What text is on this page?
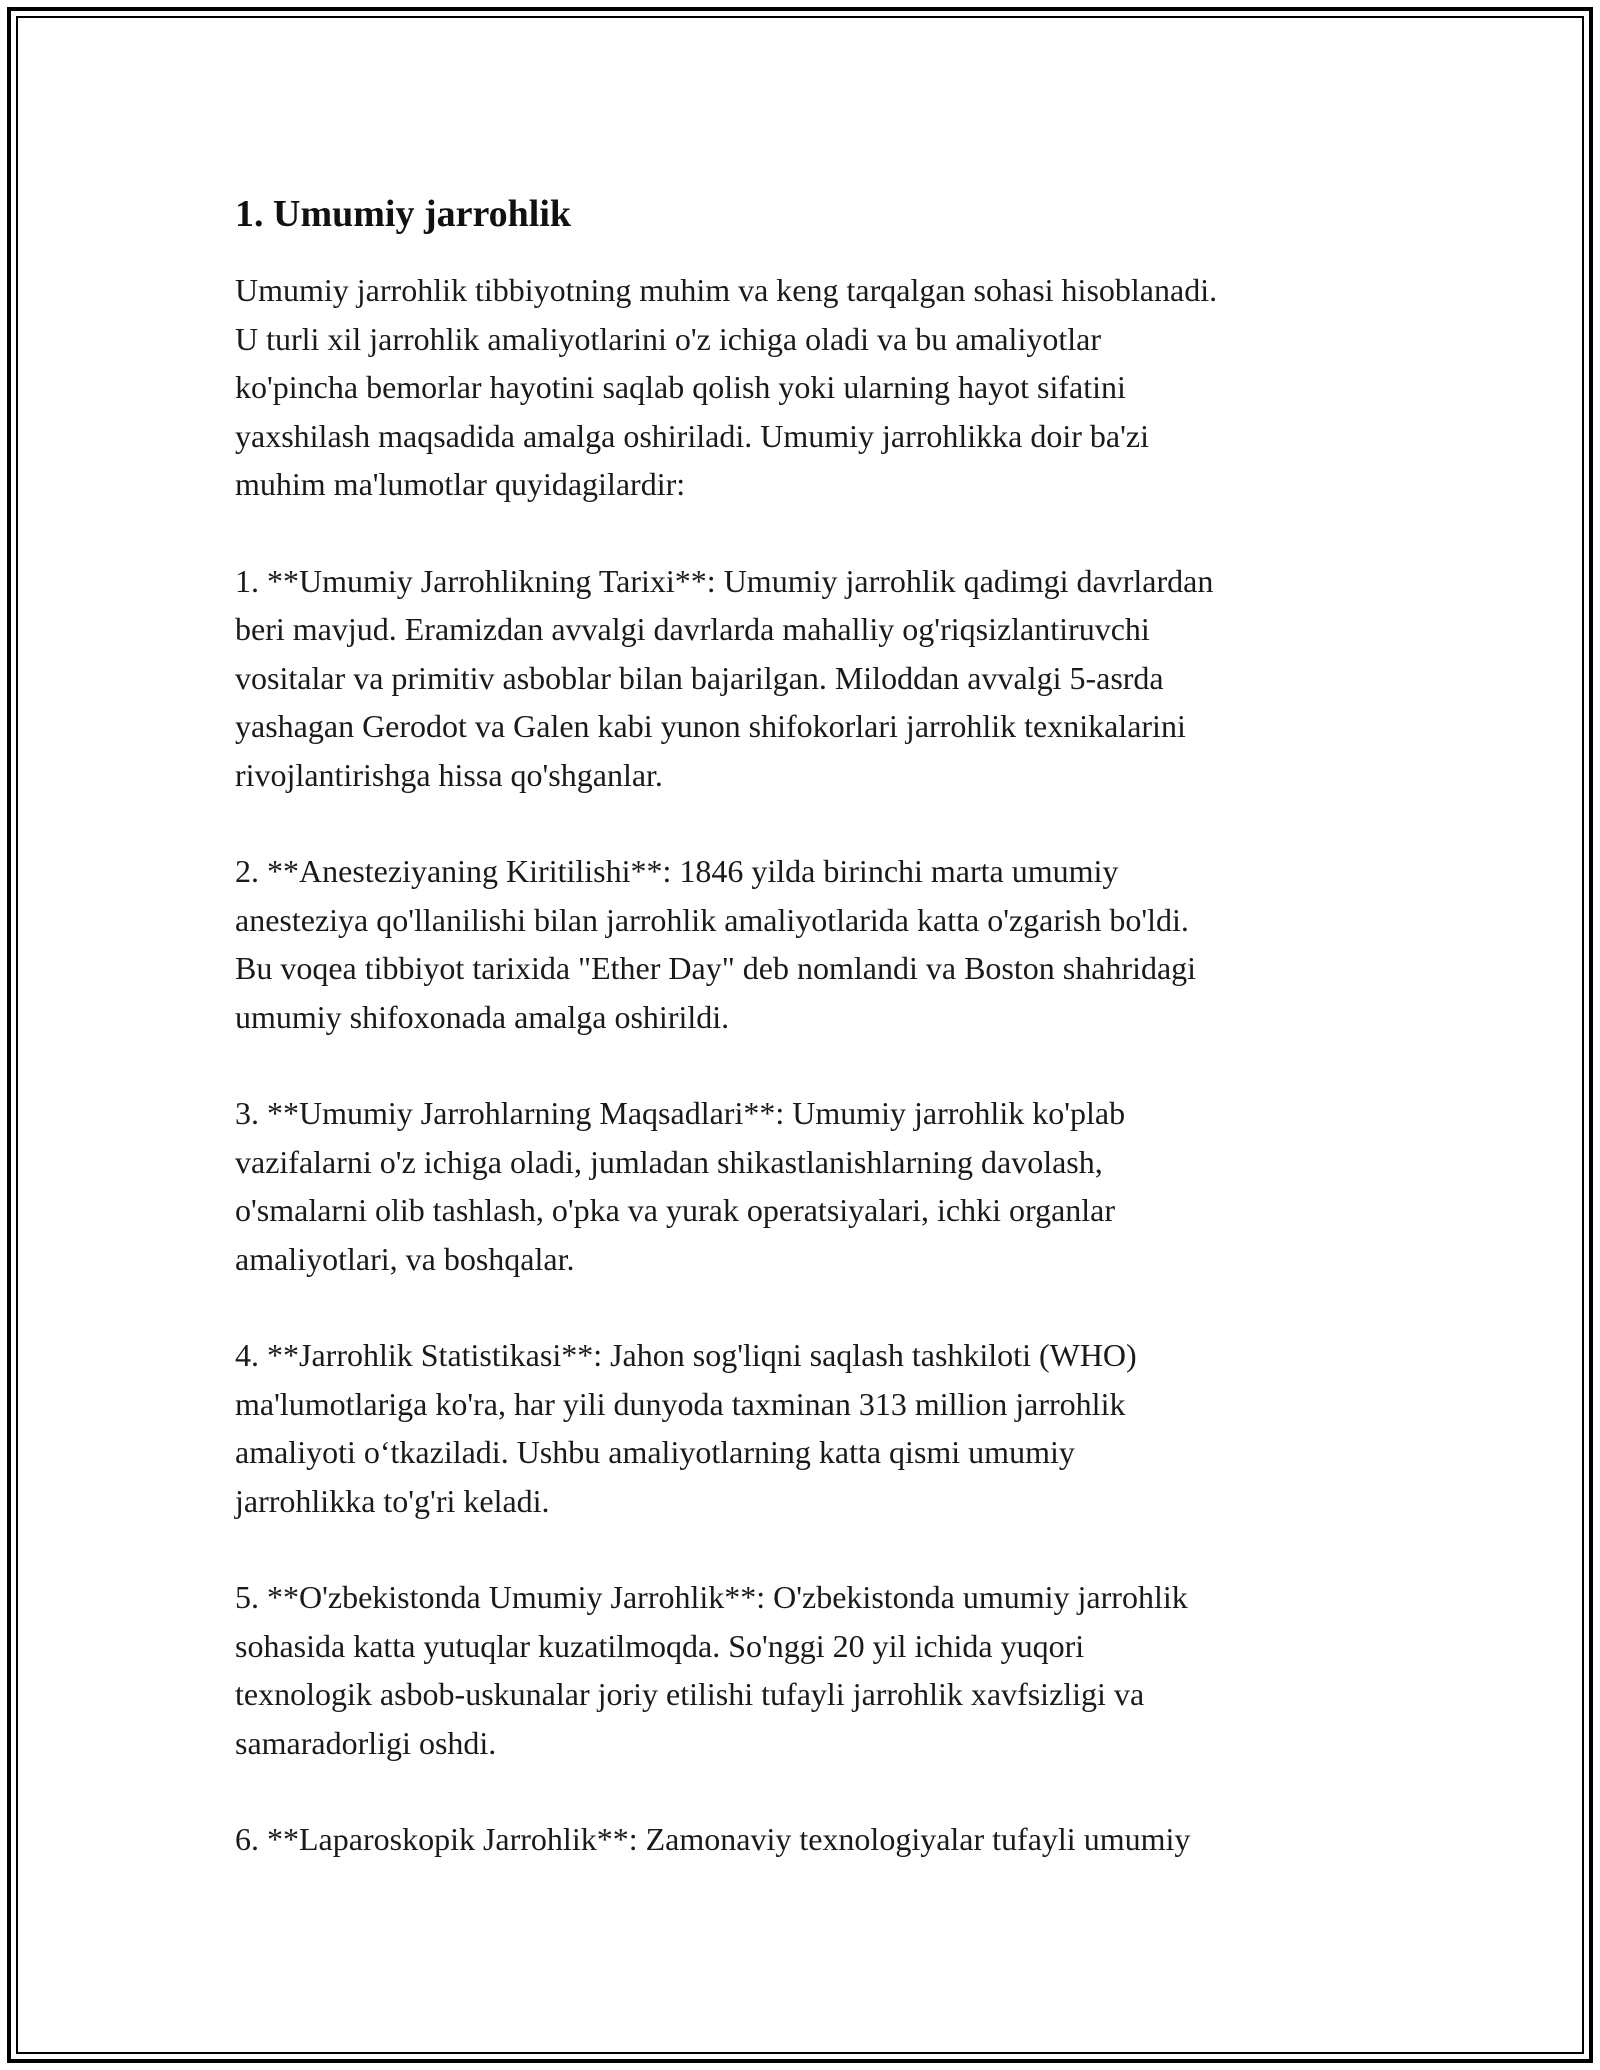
1. Umumiy jarrohlik
Umumiy jarrohlik tibbiyotning muhim va keng tarqalgan sohasi hisoblanadi.
U turli xil jarrohlik amaliyotlarini o'z ichiga oladi va bu amaliyotlar
ko'pincha bemorlar hayotini saqlab qolish yoki ularning hayot sifatini
yaxshilash maqsadida amalga oshiriladi. Umumiy jarrohlikka doir ba'zi
muhim ma'lumotlar quyidagilardir:
1. **Umumiy Jarrohlikning Tarixi**: Umumiy jarrohlik qadimgi davrlardan
beri mavjud. Eramizdan avvalgi davrlarda mahalliy og'riqsizlantiruvchi
vositalar va primitiv asboblar bilan bajarilgan. Miloddan avvalgi 5-asrda
yashagan Gerodot va Galen kabi yunon shifokorlari jarrohlik texnikalarini
rivojlantirishga hissa qo'shganlar.
2. **Anesteziyaning Kiritilishi**: 1846 yilda birinchi marta umumiy
anesteziya qo'llanilishi bilan jarrohlik amaliyotlarida katta o'zgarish bo'ldi.
Bu voqea tibbiyot tarixida "Ether Day" deb nomlandi va Boston shahridagi
umumiy shifoxonada amalga oshirildi.
3. **Umumiy Jarrohlarning Maqsadlari**: Umumiy jarrohlik ko'plab
vazifalarni o'z ichiga oladi, jumladan shikastlanishlarning davolash,
o'smalarni olib tashlash, o'pka va yurak operatsiyalari, ichki organlar
amaliyotlari, va boshqalar.
4. **Jarrohlik Statistikasi**: Jahon sog'liqni saqlash tashkiloti (WHO)
ma'lumotlariga ko'ra, har yili dunyoda taxminan 313 million jarrohlik
amaliyoti o‘tkaziladi. Ushbu amaliyotlarning katta qismi umumiy
jarrohlikka to'g'ri keladi.
5. **O'zbekistonda Umumiy Jarrohlik**: O'zbekistonda umumiy jarrohlik
sohasida katta yutuqlar kuzatilmoqda. So'nggi 20 yil ichida yuqori
texnologik asbob-uskunalar joriy etilishi tufayli jarrohlik xavfsizligi va
samaradorligi oshdi.
6. **Laparoskopik Jarrohlik**: Zamonaviy texnologiyalar tufayli umumiy
